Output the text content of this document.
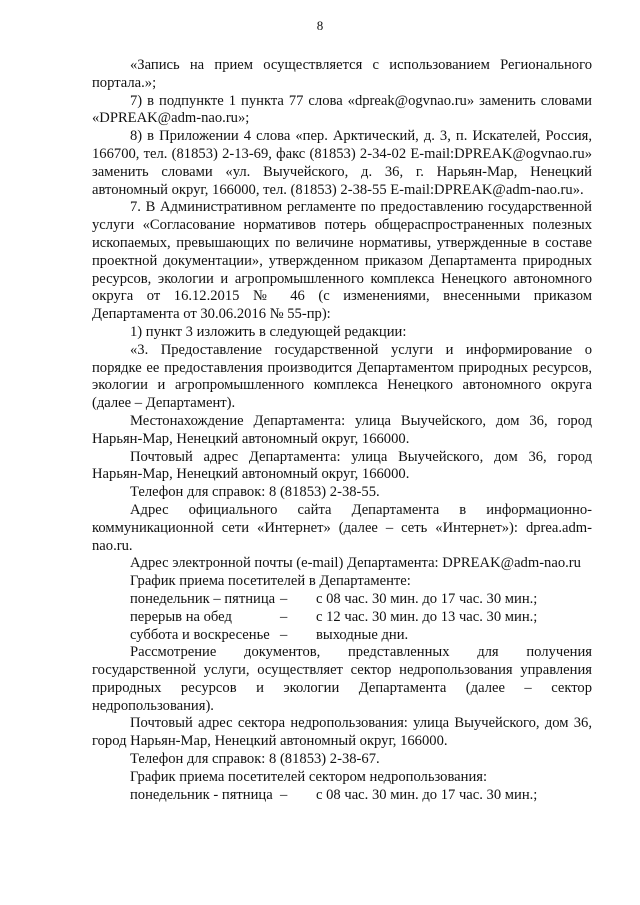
8

«Запись на прием осуществляется с использованием Регионального портала.»;

7) в подпункте 1 пункта 77 слова «dpreak@ogvnao.ru» заменить словами «DPREAK@adm-nao.ru»;

8) в Приложении 4 слова «пер. Арктический, д. 3, п. Искателей, Россия, 166700, тел. (81853) 2-13-69, факс (81853) 2-34-02 E-mail:DPREAK@ogvnao.ru» заменить словами «ул. Выучейского, д. 36, г. Нарьян-Мар, Ненецкий автономный округ, 166000, тел. (81853) 2-38-55 E-mail:DPREAK@adm-nao.ru».

7. В Административном регламенте по предоставлению государственной услуги «Согласование нормативов потерь общераспространенных полезных ископаемых, превышающих по величине нормативы, утвержденные в составе проектной документации», утвержденном приказом Департамента природных ресурсов, экологии и агропромышленного комплекса Ненецкого автономного округа от 16.12.2015 № 46 (с изменениями, внесенными приказом Департамента от 30.06.2016 № 55-пр):

1) пункт 3 изложить в следующей редакции:

«3. Предоставление государственной услуги и информирование о порядке ее предоставления производится Департаментом природных ресурсов, экологии и агропромышленного комплекса Ненецкого автономного округа (далее – Департамент).

Местонахождение Департамента: улица Выучейского, дом 36, город Нарьян-Мар, Ненецкий автономный округ, 166000.

Почтовый адрес Департамента: улица Выучейского, дом 36, город Нарьян-Мар, Ненецкий автономный округ, 166000.

Телефон для справок: 8 (81853) 2-38-55.

Адрес официального сайта Департамента в информационно-коммуникационной сети «Интернет» (далее – сеть «Интернет»): dprea.adm-nao.ru.

Адрес электронной почты (e-mail) Департамента: DPREAK@adm-nao.ru

График приема посетителей в Департаменте:

понедельник – пятница –	с 08 час. 30 мин. до 17 час. 30 мин.;
перерыв на обед	–	с 12 час. 30 мин. до 13 час. 30 мин.;
суббота и воскресенье –	выходные дни.

Рассмотрение документов, представленных для получения государственной услуги, осуществляет сектор недропользования управления природных ресурсов и экологии Департамента (далее – сектор недропользования).

Почтовый адрес сектора недропользования: улица Выучейского, дом 36, город Нарьян-Мар, Ненецкий автономный округ, 166000.

Телефон для справок: 8 (81853) 2-38-67.

График приема посетителей сектором недропользования:

понедельник - пятница –	с 08 час. 30 мин. до 17 час. 30 мин.;
